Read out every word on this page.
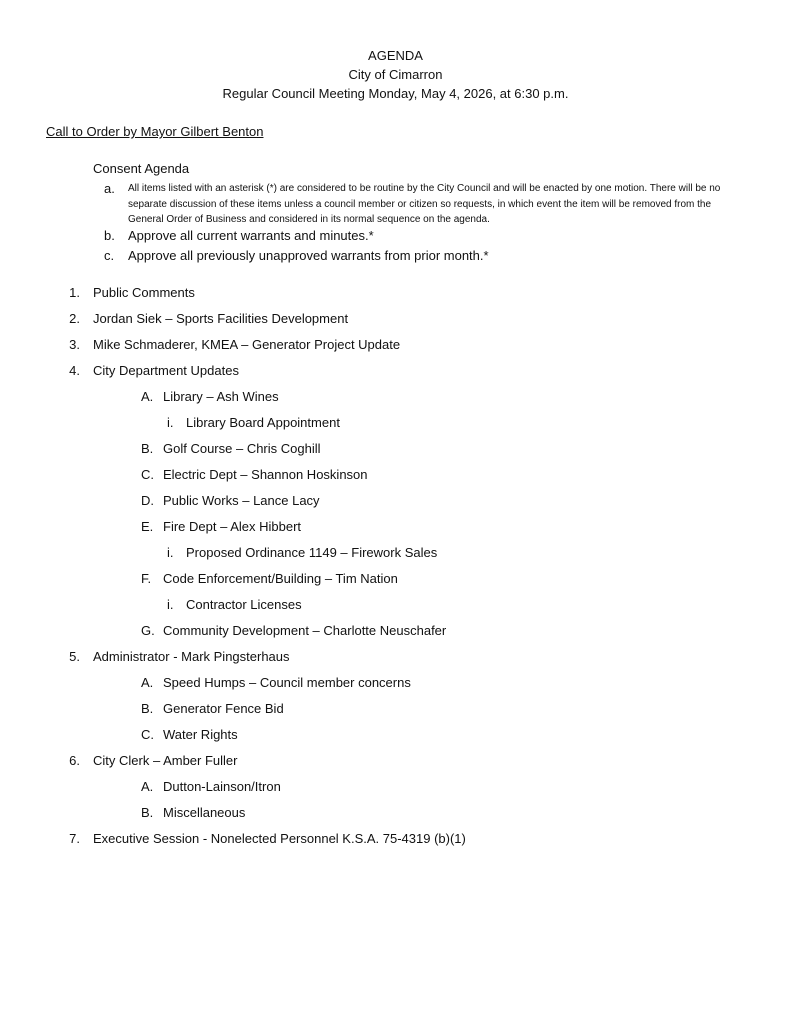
AGENDA
City of Cimarron
Regular Council Meeting Monday, May 4, 2026, at 6:30 p.m.
Call to Order by Mayor Gilbert Benton
Consent Agenda
a. All items listed with an asterisk (*) are considered to be routine by the City Council and will be enacted by one motion. There will be no separate discussion of these items unless a council member or citizen so requests, in which event the item will be removed from the General Order of Business and considered in its normal sequence on the agenda.
b. Approve all current warrants and minutes.*
c. Approve all previously unapproved warrants from prior month.*
1. Public Comments
2. Jordan Siek – Sports Facilities Development
3. Mike Schmaderer, KMEA – Generator Project Update
4. City Department Updates
A. Library – Ash Wines
i. Library Board Appointment
B. Golf Course – Chris Coghill
C. Electric Dept – Shannon Hoskinson
D. Public Works – Lance Lacy
E. Fire Dept – Alex Hibbert
i. Proposed Ordinance 1149 – Firework Sales
F. Code Enforcement/Building – Tim Nation
i. Contractor Licenses
G. Community Development – Charlotte Neuschafer
5. Administrator - Mark Pingsterhaus
A. Speed Humps – Council member concerns
B. Generator Fence Bid
C. Water Rights
6. City Clerk – Amber Fuller
A. Dutton-Lainson/Itron
B. Miscellaneous
7. Executive Session - Nonelected Personnel K.S.A. 75-4319 (b)(1)
